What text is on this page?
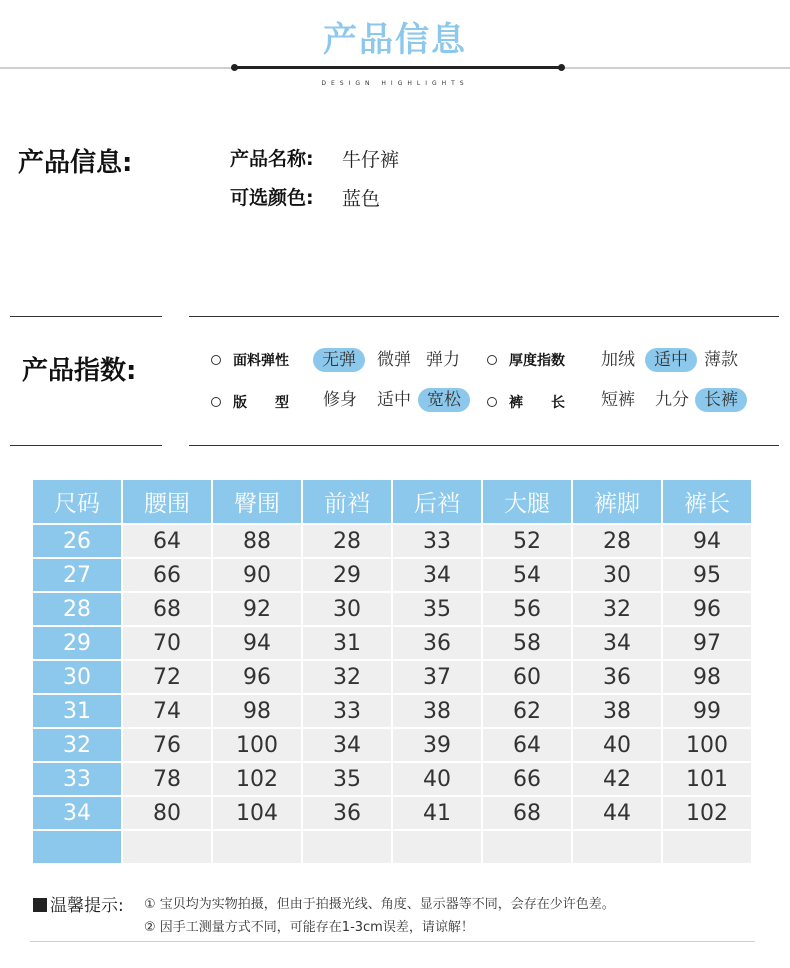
产品信息
DESIGN HIGHLIGHTS
产品信息:	产品名称: 牛仔裤
可选颜色: 蓝色
产品指数:	面料弹性	无弹	微弹 弹力	厚度指数	加绒	适中 薄款
版　　型	修身 适中 宽松	裤　　长	短裤 九分 长裤
尺码	腰围	臀围	前裆	后裆	大腿	裤脚	裤长
26	64	88	28	33	52	28	94
27	66	90	29	34	54	30	95
28	68	92	30	35	56	32	96
29	70	94	31	36	58	34	97
30	72	96	32	37	60	36	98
31	74	98	33	38	62	38	99
32	76	100	34	39	64	40	100
33	78	102	35	40	66	42	101
34	80	104	36	41	68	44	102

温馨提示: ① 宝贝均为实物拍摄，但由于拍摄光线、角度、显示器等不同，会存在少许色差。
② 因手工测量方式不同，可能存在1-3cm误差，请谅解！
